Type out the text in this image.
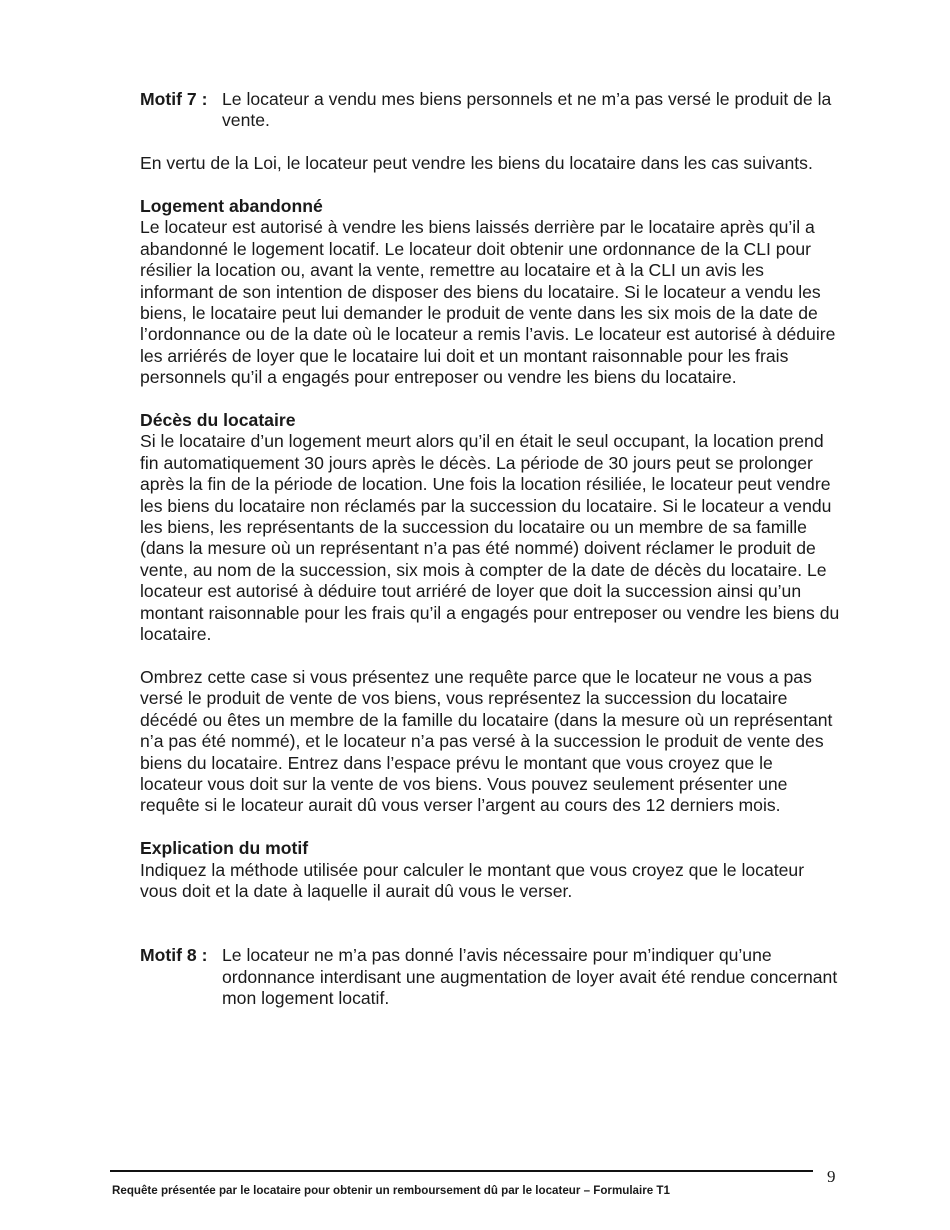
Motif 7 : Le locateur a vendu mes biens personnels et ne m’a pas versé le produit de la vente.

En vertu de la Loi, le locateur peut vendre les biens du locataire dans les cas suivants.

Logement abandonné

Le locateur est autorisé à vendre les biens laissés derrière par le locataire après qu’il a abandonné le logement locatif. Le locateur doit obtenir une ordonnance de la CLI pour résilier la location ou, avant la vente, remettre au locataire et à la CLI un avis les informant de son intention de disposer des biens du locataire. Si le locateur a vendu les biens, le locataire peut lui demander le produit de vente dans les six mois de la date de l’ordonnance ou de la date où le locateur a remis l’avis. Le locateur est autorisé à déduire les arriérés de loyer que le locataire lui doit et un montant raisonnable pour les frais personnels qu’il a engagés pour entreposer ou vendre les biens du locataire.

Décès du locataire

Si le locataire d’un logement meurt alors qu’il en était le seul occupant, la location prend fin automatiquement 30 jours après le décès. La période de 30 jours peut se prolonger après la fin de la période de location. Une fois la location résiliée, le locateur peut vendre les biens du locataire non réclamés par la succession du locataire. Si le locateur a vendu les biens, les représentants de la succession du locataire ou un membre de sa famille (dans la mesure où un représentant n’a pas été nommé) doivent réclamer le produit de vente, au nom de la succession, six mois à compter de la date de décès du locataire. Le locateur est autorisé à déduire tout arriéré de loyer que doit la succession ainsi qu’un montant raisonnable pour les frais qu’il a engagés pour entreposer ou vendre les biens du locataire.

Ombrez cette case si vous présentez une requête parce que le locateur ne vous a pas versé le produit de vente de vos biens, vous représentez la succession du locataire décédé ou êtes un membre de la famille du locataire (dans la mesure où un représentant n’a pas été nommé), et le locateur n’a pas versé à la succession le produit de vente des biens du locataire. Entrez dans l’espace prévu le montant que vous croyez que le locateur vous doit sur la vente de vos biens. Vous pouvez seulement présenter une requête si le locateur aurait dû vous verser l’argent au cours des 12 derniers mois.

Explication du motif

Indiquez la méthode utilisée pour calculer le montant que vous croyez que le locateur vous doit et la date à laquelle il aurait dû vous le verser.

Motif 8 : Le locateur ne m’a pas donné l’avis nécessaire pour m’indiquer qu’une ordonnance interdisant une augmentation de loyer avait été rendue concernant mon logement locatif.
Requête présentée par le locataire pour obtenir un remboursement dû par le locateur – Formulaire T1
9
